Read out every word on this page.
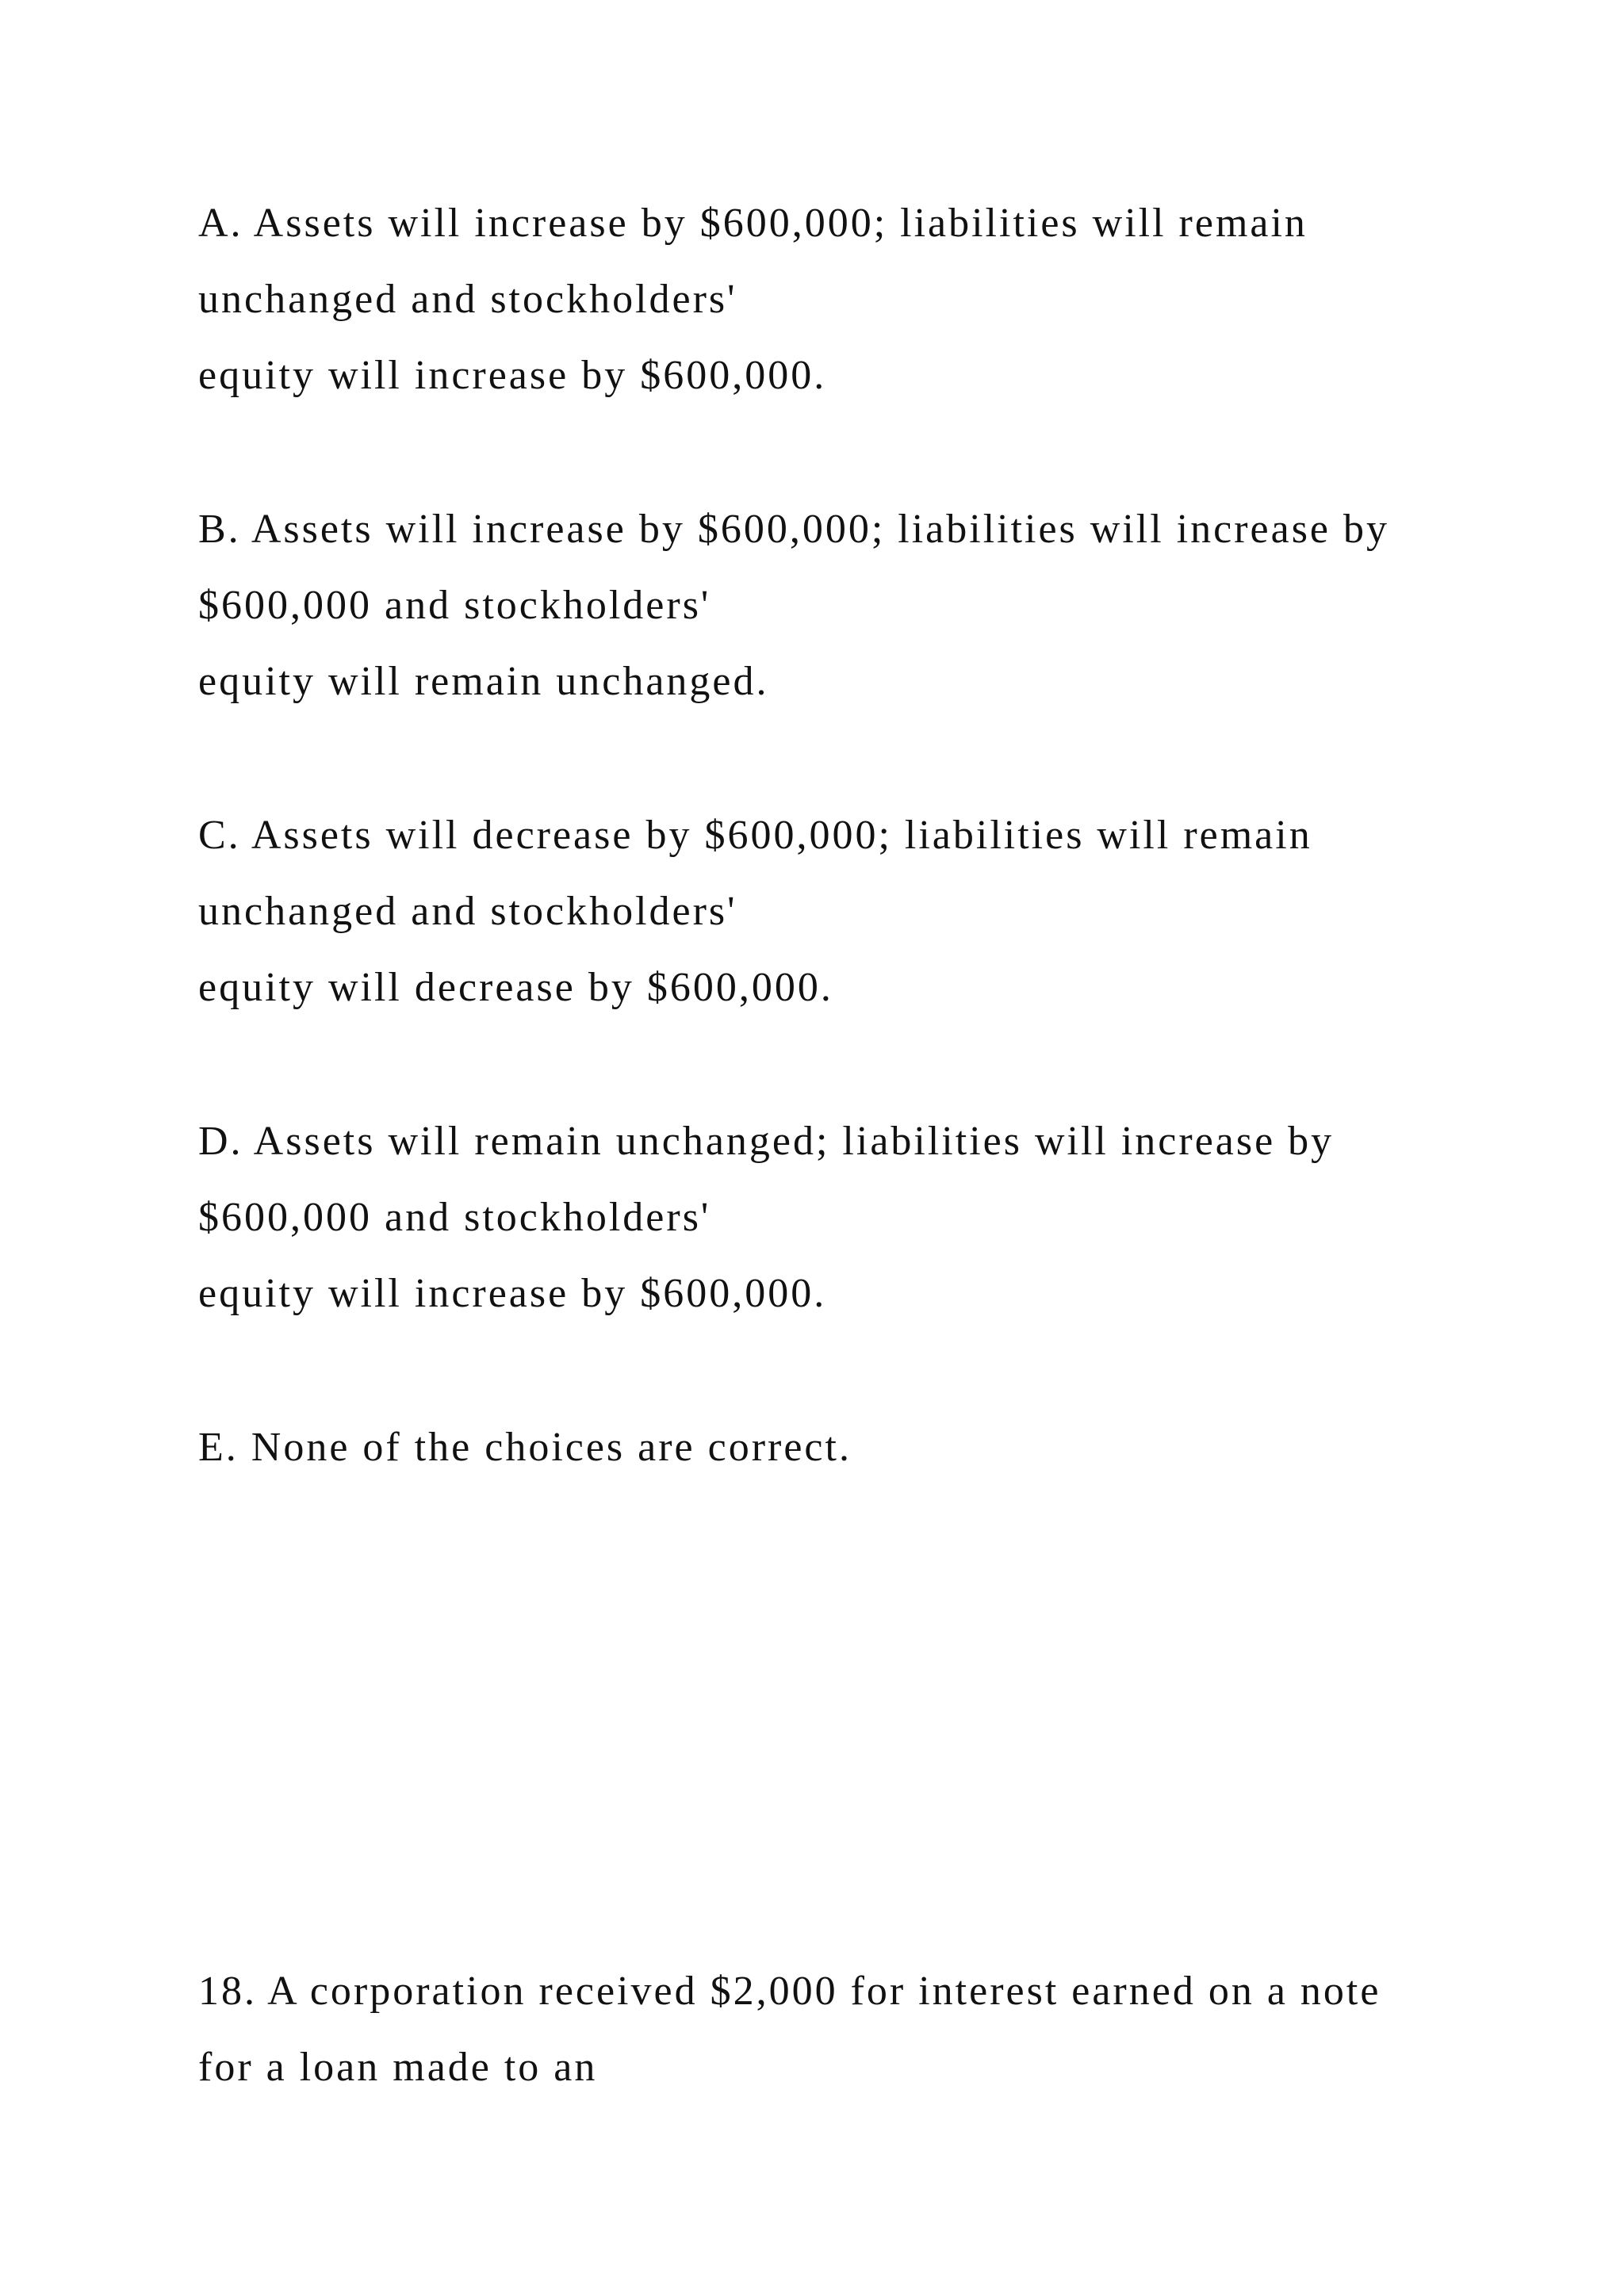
A. Assets will increase by $600,000; liabilities will remain

unchanged and stockholders'

equity will increase by $600,000.

B. Assets will increase by $600,000; liabilities will increase by

$600,000 and stockholders'

equity will remain unchanged.

C. Assets will decrease by $600,000; liabilities will remain

unchanged and stockholders'

equity will decrease by $600,000.

D. Assets will remain unchanged; liabilities will increase by

$600,000 and stockholders'

equity will increase by $600,000.

E. None of the choices are correct.

18. A corporation received $2,000 for interest earned on a note

for a loan made to an
